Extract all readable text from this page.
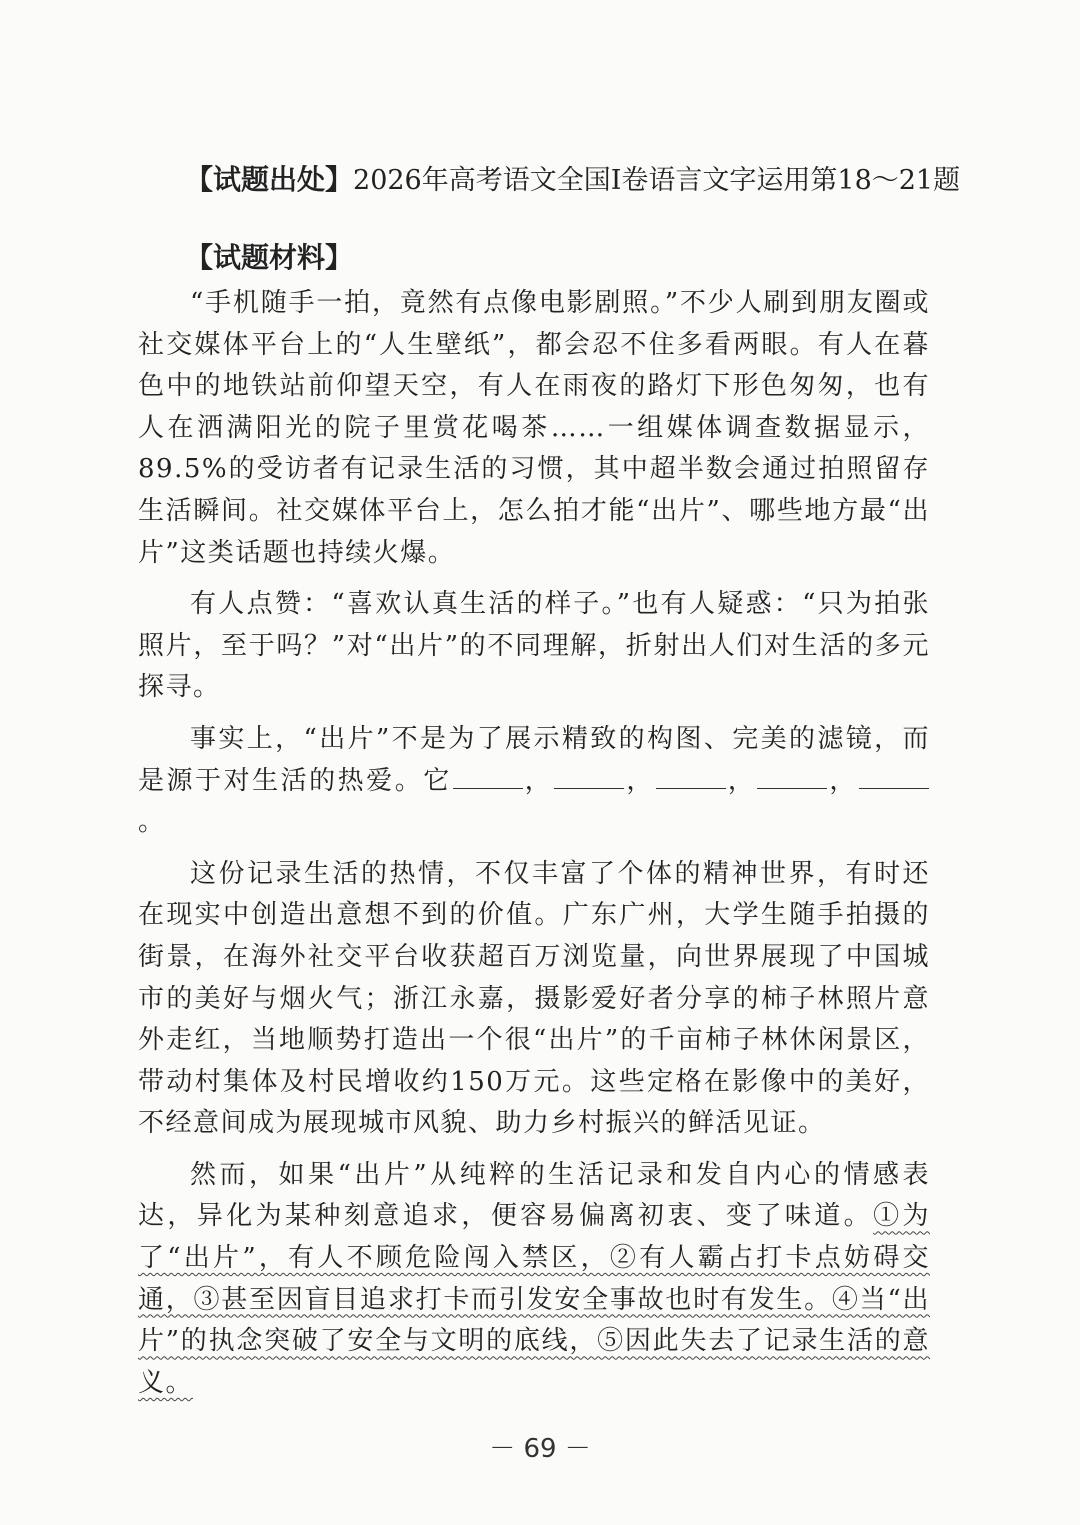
【试题出处】2026年高考语文全国Ⅰ卷语言文字运用第18～21题
【试题材料】

“手机随手一拍，竟然有点像电影剧照。”不少人刷到朋友圈或社交媒体平台上的“人生壁纸”，都会忍不住多看两眼。有人在暮色中的地铁站前仰望天空，有人在雨夜的路灯下形色匆匆，也有人在洒满阳光的院子里赏花喝茶……一组媒体调查数据显示，89.5%的受访者有记录生活的习惯，其中超半数会通过拍照留存生活瞬间。社交媒体平台上，怎么拍才能“出片”、哪些地方最“出片”这类话题也持续火爆。

有人点赞：“喜欢认真生活的样子。”也有人疑惑：“只为拍张照片，至于吗？”对“出片”的不同理解，折射出人们对生活的多元探寻。

事实上，“出片”不是为了展示精致的构图、完美的滤镜，而是源于对生活的热爱。它	，	，	，	，。

这份记录生活的热情，不仅丰富了个体的精神世界，有时还在现实中创造出意想不到的价值。广东广州，大学生随手拍摄的街景，在海外社交平台收获超百万浏览量，向世界展现了中国城市的美好与烟火气；浙江永嘉，摄影爱好者分享的柿子林照片意外走红，当地顺势打造出一个很“出片”的千亩柿子林休闲景区，带动村集体及村民增收约150万元。这些定格在影像中的美好，不经意间成为展现城市风貌、助力乡村振兴的鲜活见证。

然而，如果“出片”从纯粹的生活记录和发自内心的情感表达，异化为某种刻意追求，便容易偏离初衷、变了味道。①为了“出片”，有人不顾危险闯入禁区，②有人霸占打卡点妨碍交通，③甚至因盲目追求打卡而引发安全事故也时有发生。④当“出片”的执念突破了安全与文明的底线，⑤因此失去了记录生活的意义。

－ 69 －
